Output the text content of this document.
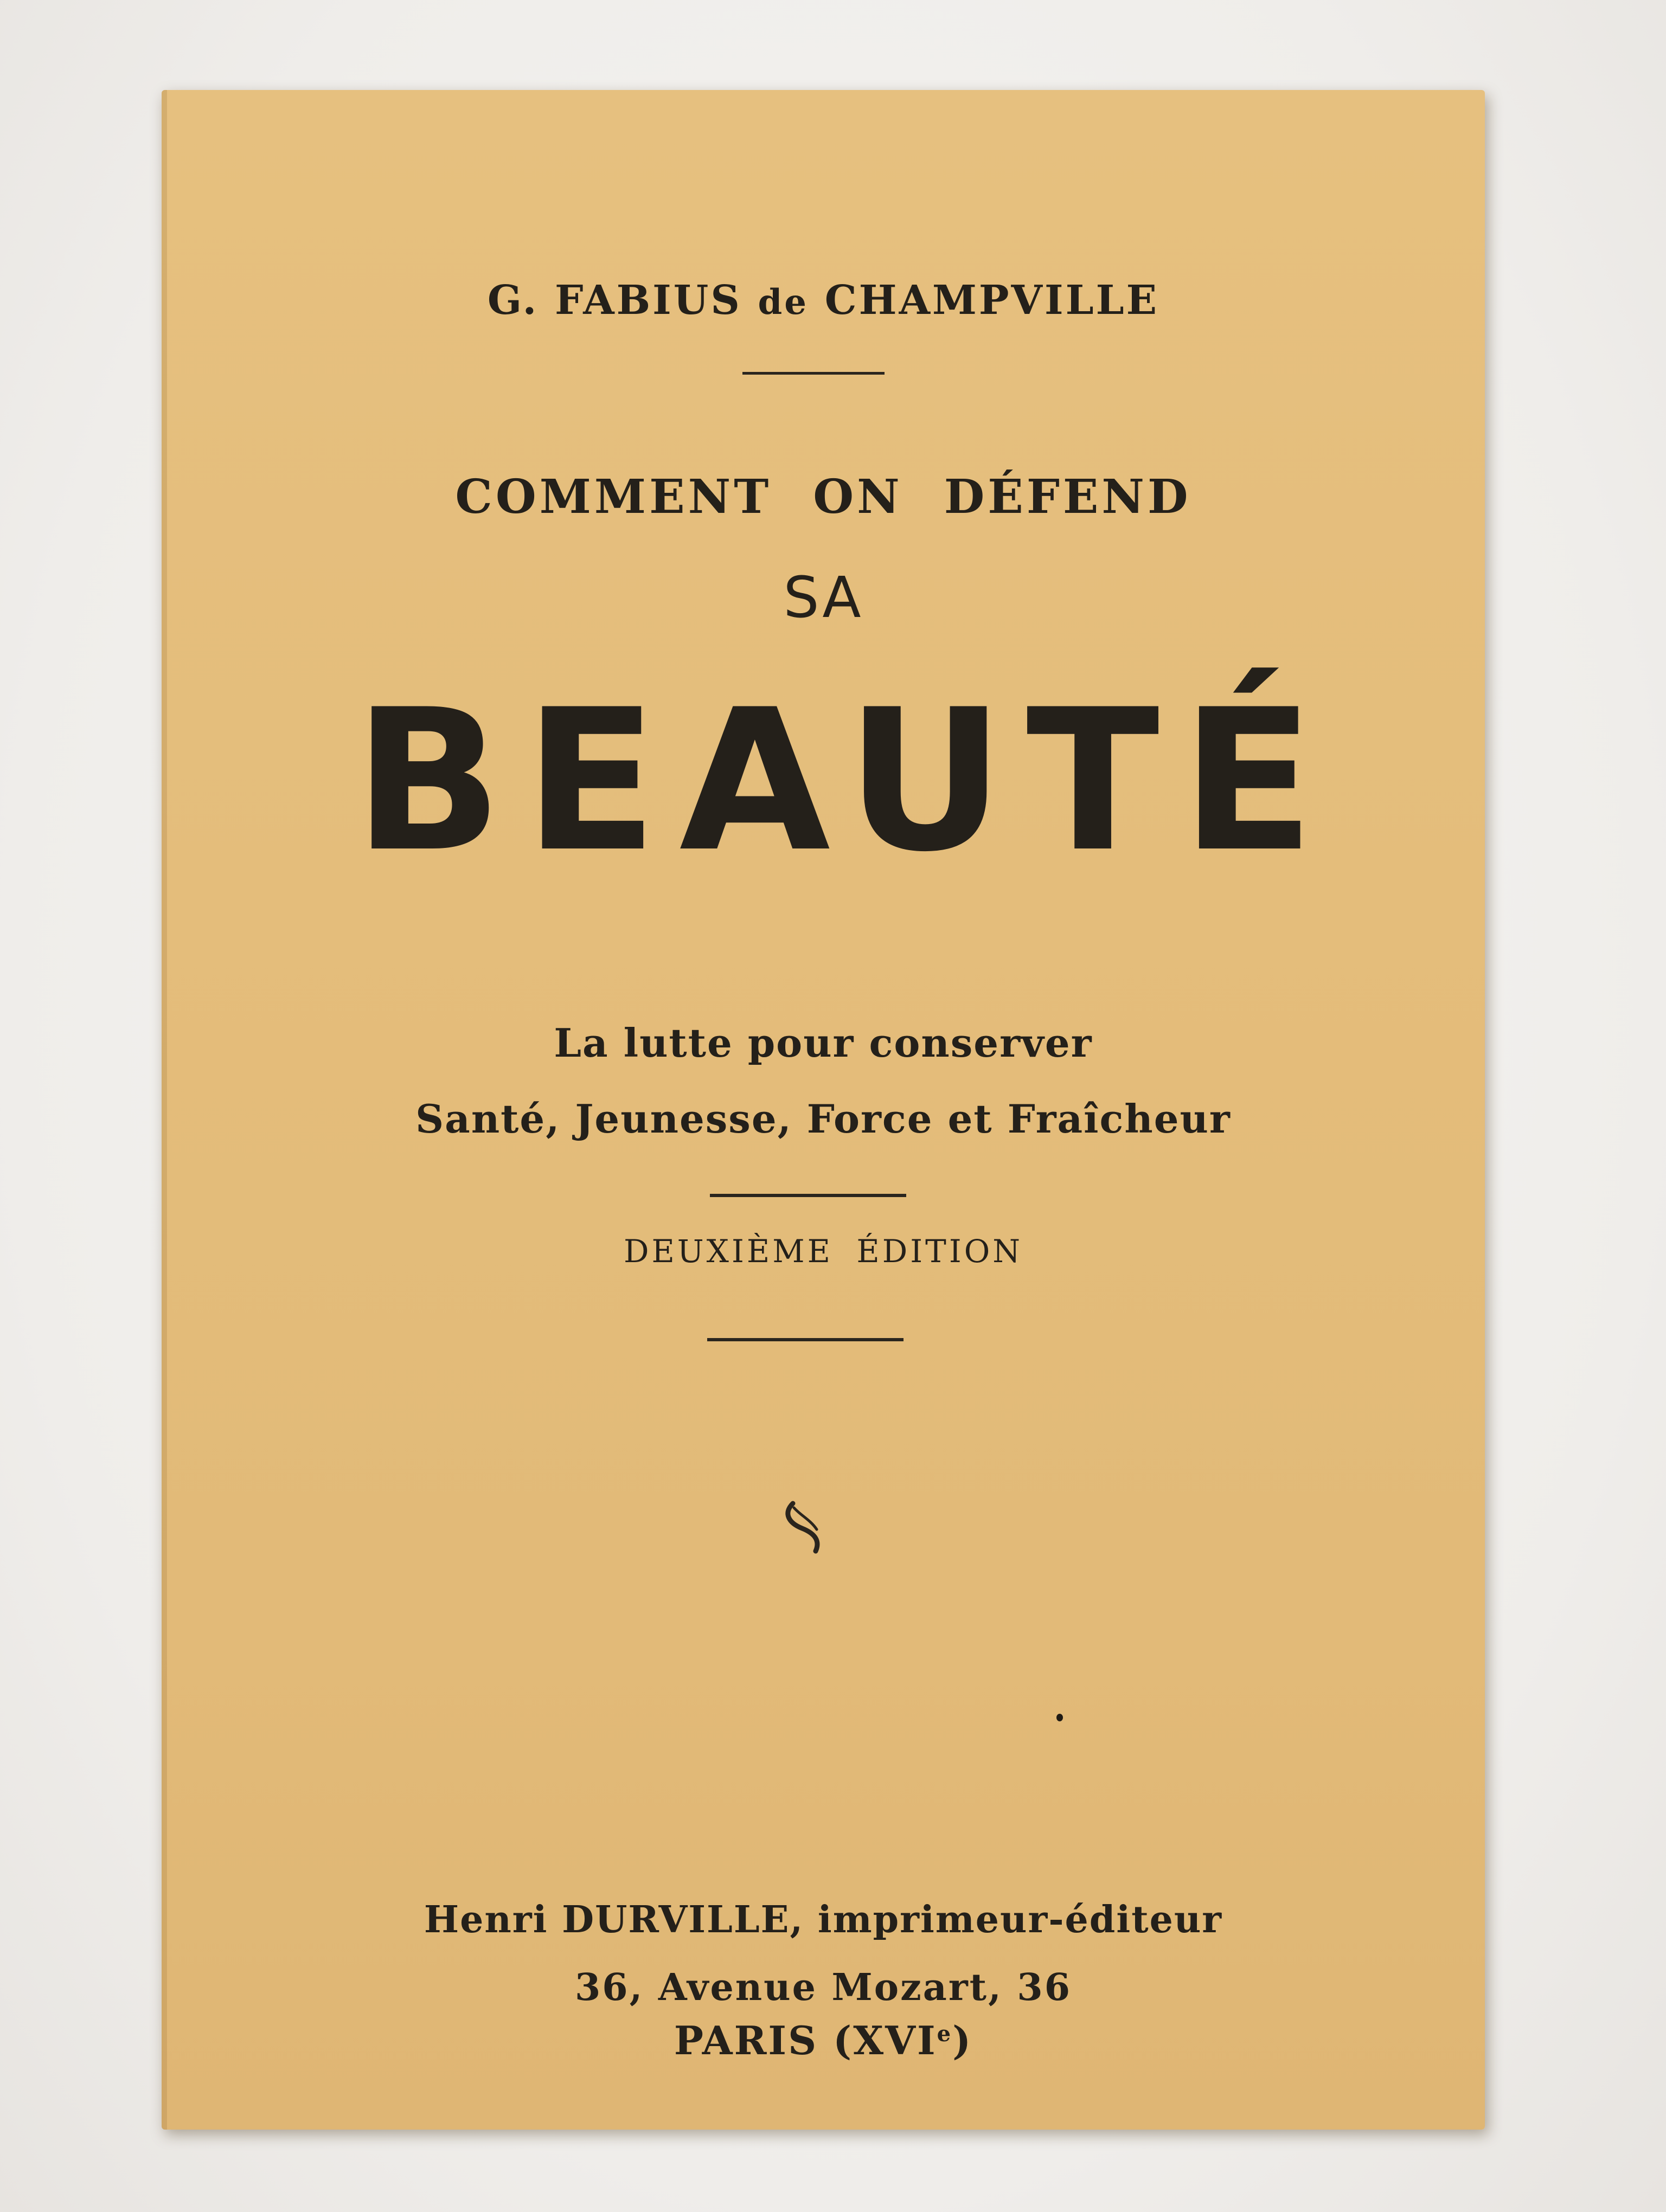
G. FABIUS de CHAMPVILLE
COMMENT ON DÉFEND
SA
BEAUTÉ
La lutte pour conserver
Santé, Jeunesse, Force et Fraîcheur
DEUXIÈME ÉDITION
Henri DURVILLE, imprimeur-éditeur
36, Avenue Mozart, 36
PARIS (XVIe)
